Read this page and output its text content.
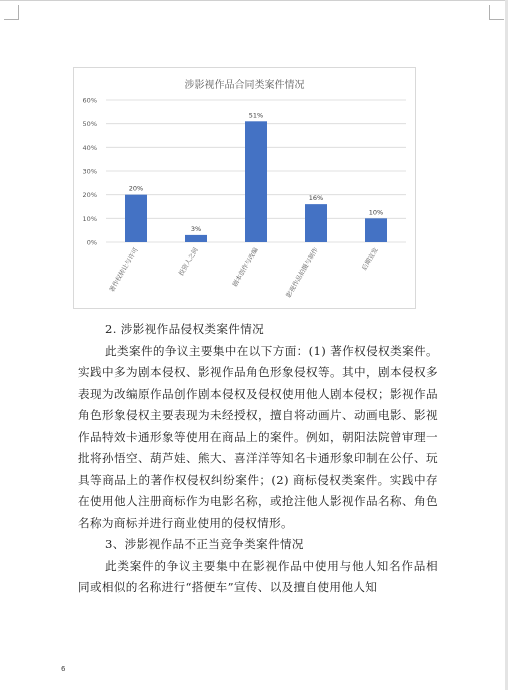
涉影视作品合同类案件情况
0%
10%
20%
30%
40%
50%
60%
20%
著作权转让与许可
3%
投资人之间
51%
剧本创作与改编
16%
影视作品拍摄与制作
10%
后期宣发

2. 涉影视作品侵权类案件情况

此类案件的争议主要集中在以下方面：(1) 著作权侵权类案件。实践中多为剧本侵权、影视作品角色形象侵权等。其中，剧本侵权多表现为改编原作品创作剧本侵权及侵权使用他人剧本侵权；影视作品角色形象侵权主要表现为未经授权，擅自将动画片、动画电影、影视作品特效卡通形象等使用在商品上的案件。例如，朝阳法院曾审理一批将孙悟空、葫芦娃、熊大、喜洋洋等知名卡通形象印制在公仔、玩具等商品上的著作权侵权纠纷案件；(2) 商标侵权类案件。实践中存在使用他人注册商标作为电影名称，或抢注他人影视作品名称、角色名称为商标并进行商业使用的侵权情形。

3、涉影视作品不正当竞争类案件情况

此类案件的争议主要集中在影视作品中使用与他人知名作品相同或相似的名称进行“搭便车”宣传、以及擅自使用他人知

6
